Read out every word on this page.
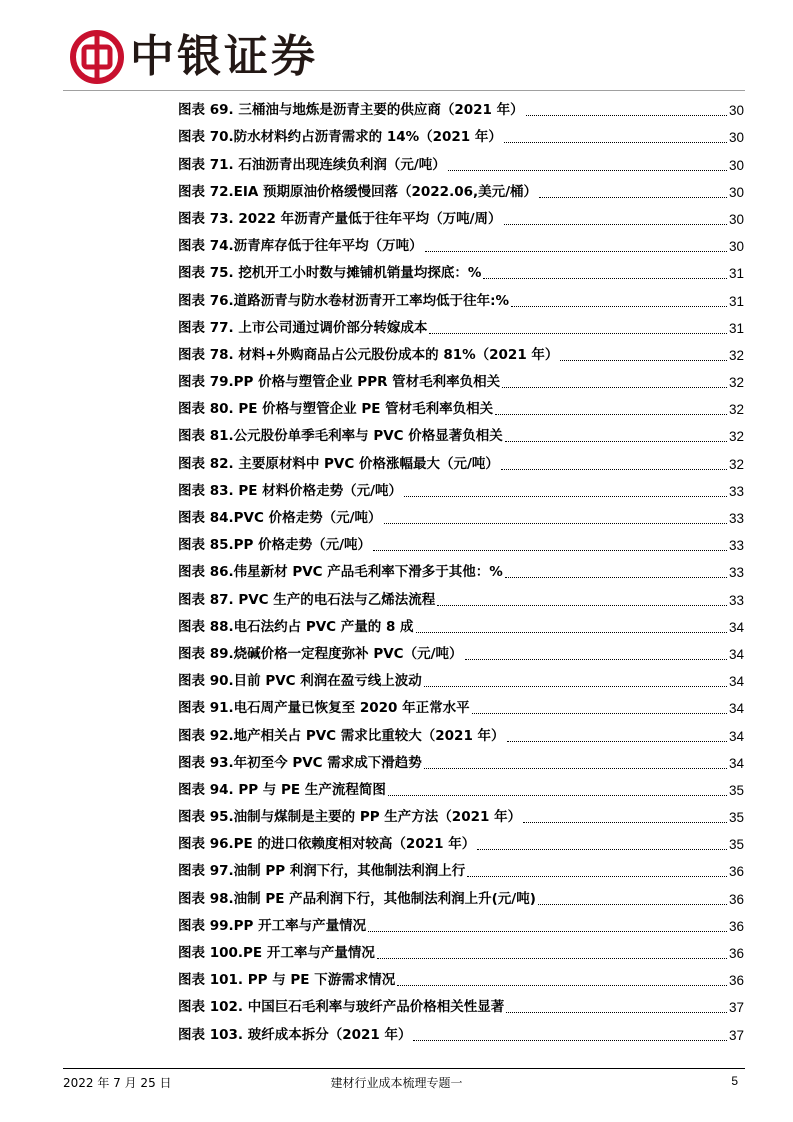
中银证券
图表 69. 三桶油与地炼是沥青主要的供应商（2021 年）	30
图表 70.防水材料约占沥青需求的 14%（2021 年）	30
图表 71. 石油沥青出现连续负利润（元/吨）	30
图表 72.EIA 预期原油价格缓慢回落（2022.06,美元/桶）	30
图表 73. 2022 年沥青产量低于往年平均（万吨/周）	30
图表 74.沥青库存低于往年平均（万吨）	30
图表 75. 挖机开工小时数与摊铺机销量均探底：%	31
图表 76.道路沥青与防水卷材沥青开工率均低于往年:%	31
图表 77. 上市公司通过调价部分转嫁成本	31
图表 78. 材料+外购商品占公元股份成本的 81%（2021 年）	32
图表 79.PP 价格与塑管企业 PPR 管材毛利率负相关	32
图表 80. PE 价格与塑管企业 PE 管材毛利率负相关	32
图表 81.公元股份单季毛利率与 PVC 价格显著负相关	32
图表 82. 主要原材料中 PVC 价格涨幅最大（元/吨）	32
图表 83. PE 材料价格走势（元/吨）	33
图表 84.PVC 价格走势（元/吨）	33
图表 85.PP 价格走势（元/吨）	33
图表 86.伟星新材 PVC 产品毛利率下滑多于其他：%	33
图表 87. PVC 生产的电石法与乙烯法流程	33
图表 88.电石法约占 PVC 产量的 8 成	34
图表 89.烧碱价格一定程度弥补 PVC（元/吨）	34
图表 90.目前 PVC 利润在盈亏线上波动	34
图表 91.电石周产量已恢复至 2020 年正常水平	34
图表 92.地产相关占 PVC 需求比重较大（2021 年）	34
图表 93.年初至今 PVC 需求成下滑趋势	34
图表 94. PP 与 PE 生产流程简图	35
图表 95.油制与煤制是主要的 PP 生产方法（2021 年）	35
图表 96.PE 的进口依赖度相对较高（2021 年）	35
图表 97.油制 PP 利润下行，其他制法利润上行	36
图表 98.油制 PE 产品利润下行，其他制法利润上升(元/吨)	36
图表 99.PP 开工率与产量情况	36
图表 100.PE 开工率与产量情况	36
图表 101. PP 与 PE 下游需求情况	36
图表 102. 中国巨石毛利率与玻纤产品价格相关性显著	37
图表 103. 玻纤成本拆分（2021 年）	37
2022 年 7 月 25 日	建材行业成本梳理专题一	5
